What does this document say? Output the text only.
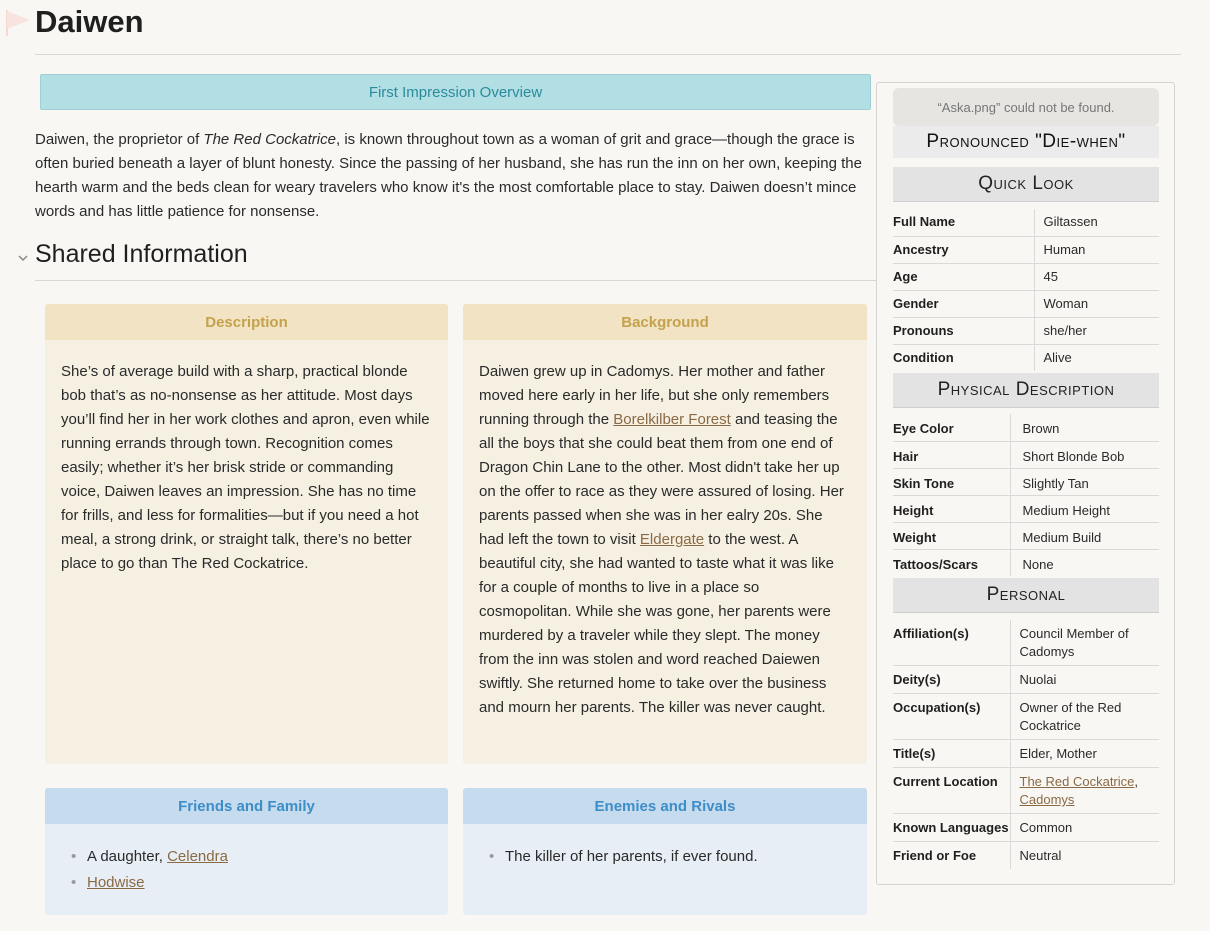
Daiwen
First Impression Overview

Daiwen, the proprietor of The Red Cockatrice, is known throughout town as a woman of grit and grace—though the grace is often buried beneath a layer of blunt honesty. Since the passing of her husband, she has run the inn on her own, keeping the hearth warm and the beds clean for weary travelers who know it's the most comfortable place to stay. Daiwen doesn’t mince words and has little patience for nonsense.

Shared Information
Description
She’s of average build with a sharp, practical blonde bob that’s as no-nonsense as her attitude. Most days you’ll find her in her work clothes and apron, even while running errands through town. Recognition comes easily; whether it’s her brisk stride or commanding voice, Daiwen leaves an impression. She has no time for frills, and less for formalities—but if you need a hot meal, a strong drink, or straight talk, there’s no better place to go than The Red Cockatrice.
Background
Daiwen grew up in Cadomys. Her mother and father moved here early in her life, but she only remembers running through the Borelkilber Forest and teasing the all the boys that she could beat them from one end of Dragon Chin Lane to the other. Most didn't take her up on the offer to race as they were assured of losing. Her parents passed when she was in her ealry 20s. She had left the town to visit Eldergate to the west. A beautiful city, she had wanted to taste what it was like for a couple of months to live in a place so cosmopolitan. While she was gone, her parents were murdered by a traveler while they slept. The money from the inn was stolen and word reached Daiewen swiftly. She returned home to take over the business and mourn her parents. The killer was never caught.
Friends and Family
• A daughter, Celendra
• Hodwise
Enemies and Rivals
• The killer of her parents, if ever found.
“Aska.png” could not be found.
Pronounced "Die-when"
Quick Look
Full Name	Giltassen
Ancestry	Human
Age	45
Gender	Woman
Pronouns	she/her
Condition	Alive
Physical Description
Eye Color	Brown
Hair	Short Blonde Bob
Skin Tone	Slightly Tan
Height	Medium Height
Weight	Medium Build
Tattoos/Scars	None
Personal
Affiliation(s)	Council Member of Cadomys
Deity(s)	Nuolai
Occupation(s)	Owner of the Red Cockatrice
Title(s)	Elder, Mother
Current Location	The Red Cockatrice,
Cadomys
Known Languages	Common
Friend or Foe	Neutral
